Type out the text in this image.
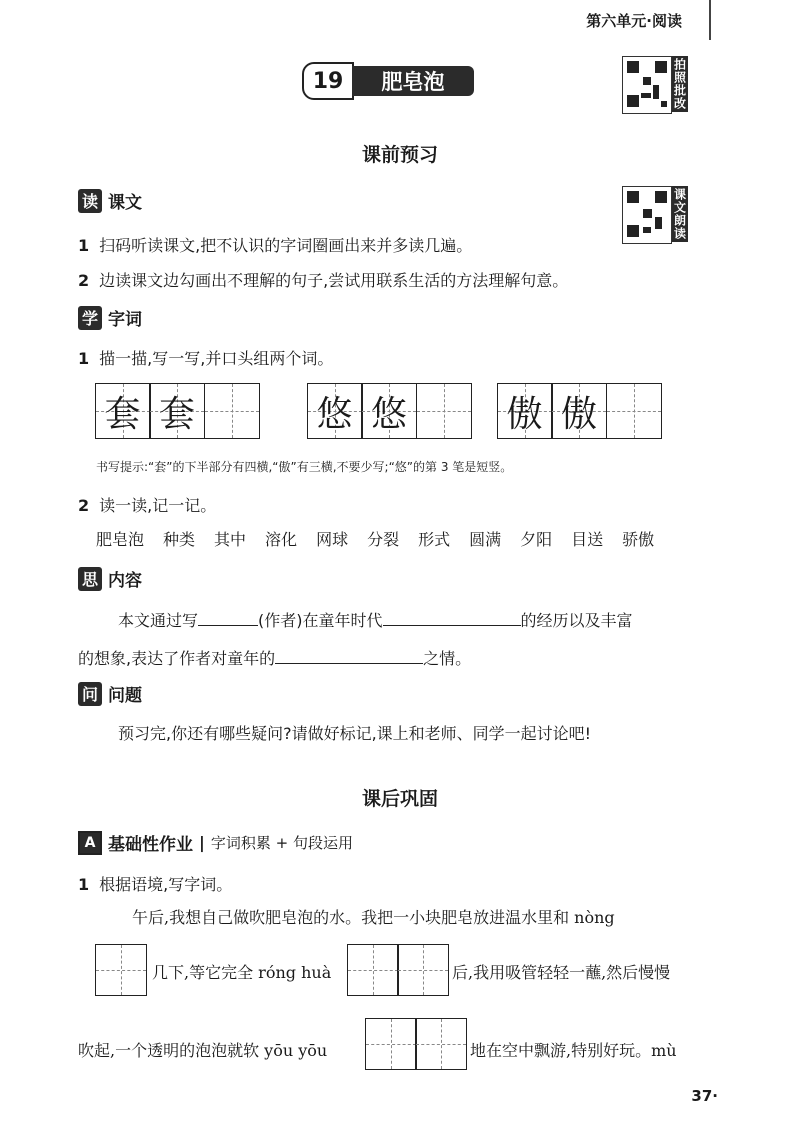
第六单元·阅读
19	肥皂泡	拍照批改
课前预习
课文朗读
读 课文
1 扫码听读课文,把不认识的字词圈画出来并多读几遍。
2 边读课文边勾画出不理解的句子,尝试用联系生活的方法理解句意。
学 字词
1 描一描,写一写,并口头组两个词。
套 套	悠 悠	傲 傲
书写提示:“套”的下半部分有四横,“傲”有三横,不要少写;“悠”的第 3 笔是短竖。
2 读一读,记一记。
肥皂泡 种类 其中 溶化 网球 分裂 形式 圆满 夕阳 目送 骄傲
思 内容
本文通过写	(作者)在童年时代	的经历以及丰富
的想象,表达了作者对童年的	之情。
问 问题
预习完,你还有哪些疑问?请做好标记,课上和老师、同学一起讨论吧!
课后巩固
A 基础性作业 | 字词积累 + 句段运用
1 根据语境,写字词。
午后,我想自己做吹肥皂泡的水。我把一小块肥皂放进温水里和 nòng
几下,等它完全 róng huà	后,我用吸管轻轻一蘸,然后慢慢
吹起,一个透明的泡泡就软 yōu yōu	地在空中飘游,特别好玩。mù
37·
